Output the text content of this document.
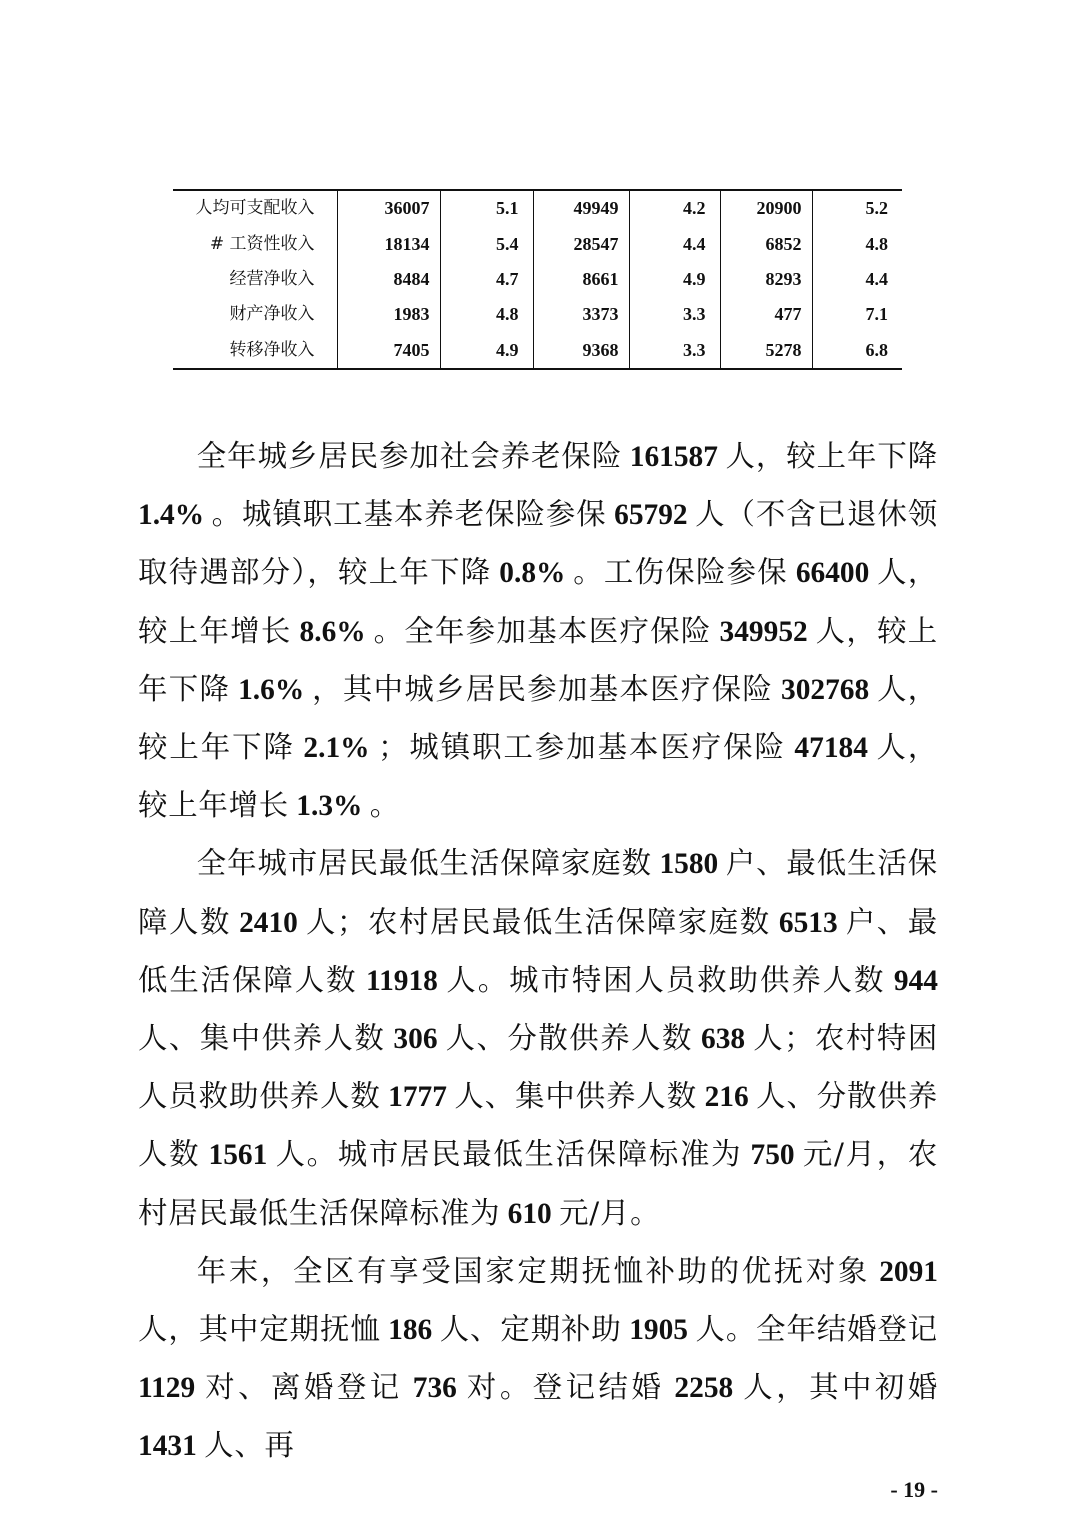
人均可支配收入	36007	5.1	49949	4.2	20900	5.2
# 工资性收入	18134	5.4	28547	4.4	6852	4.8
经营净收入	8484	4.7	8661	4.9	8293	4.4
财产净收入	1983	4.8	3373	3.3	477	7.1
转移净收入	7405	4.9	9368	3.3	5278	6.8

全年城乡居民参加社会养老保险 161587 人，较上年下降 1.4% 。城镇职工基本养老保险参保 65792 人（不含已退休领取待遇部分），较上年下降 0.8% 。工伤保险参保 66400 人，较上年增长 8.6% 。全年参加基本医疗保险 349952 人，较上年下降 1.6% ，其中城乡居民参加基本医疗保险 302768 人，较上年下降 2.1% ；城镇职工参加基本医疗保险 47184 人，较上年增长 1.3% 。

全年城市居民最低生活保障家庭数 1580 户、最低生活保障人数 2410 人；农村居民最低生活保障家庭数 6513 户、最低生活保障人数 11918 人。城市特困人员救助供养人数 944 人、集中供养人数 306 人、分散供养人数 638 人；农村特困人员救助供养人数 1777 人、集中供养人数 216 人、分散供养人数 1561 人。城市居民最低生活保障标准为 750 元/月，农村居民最低生活保障标准为 610 元/月。

年末，全区有享受国家定期抚恤补助的优抚对象 2091 人，其中定期抚恤 186 人、定期补助 1905 人。全年结婚登记 1129 对、离婚登记 736 对。登记结婚 2258 人，其中初婚 1431 人、再

- 19 -
